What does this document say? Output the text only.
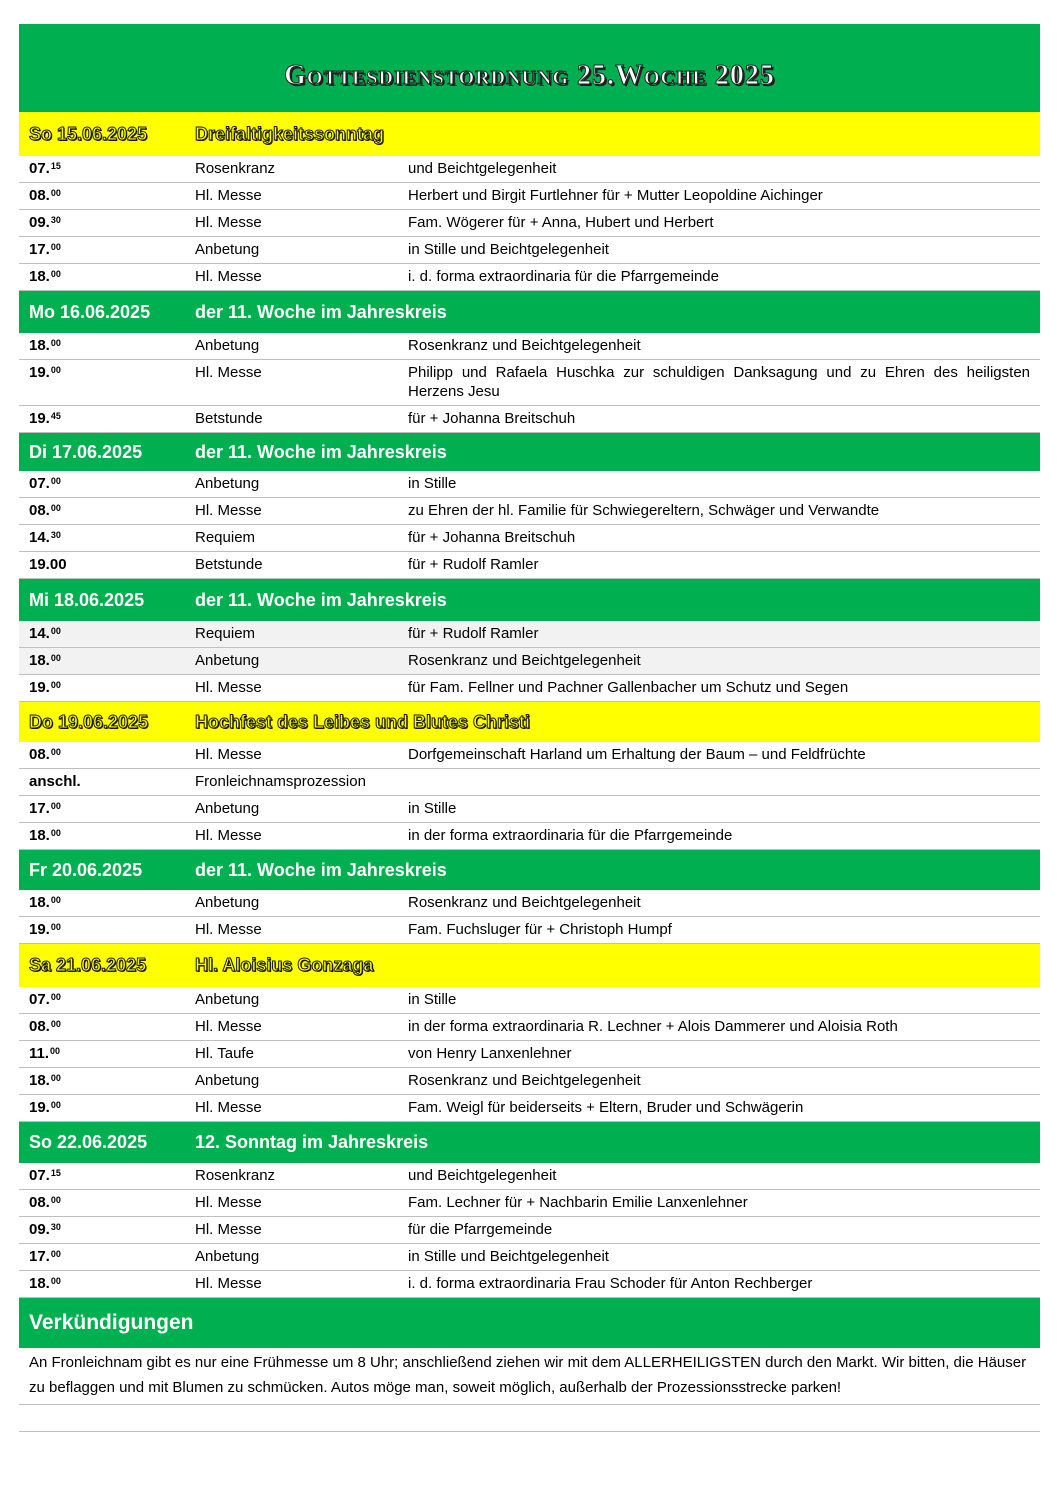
Gottesdienstordnung 25.Woche 2025
So 15.06.2025	Dreifaltigkeitssonntag
07.15	Rosenkranz	und Beichtgelegenheit
08.00	Hl. Messe	Herbert und Birgit Furtlehner für + Mutter Leopoldine Aichinger
09.30	Hl. Messe	Fam. Wögerer für + Anna, Hubert und Herbert
17.00	Anbetung	in Stille und Beichtgelegenheit
18.00	Hl. Messe	i. d. forma extraordinaria für die Pfarrgemeinde
Mo 16.06.2025	der 11. Woche im Jahreskreis
18.00	Anbetung	Rosenkranz und Beichtgelegenheit
19.00	Hl. Messe	Philipp und Rafaela Huschka zur schuldigen Danksagung und zu Ehren des heiligsten Herzens Jesu
19.45	Betstunde	für + Johanna Breitschuh
Di 17.06.2025	der 11. Woche im Jahreskreis
07.00	Anbetung	in Stille
08.00	Hl. Messe	zu Ehren der hl. Familie für Schwiegereltern, Schwäger und Verwandte
14.30	Requiem	für + Johanna Breitschuh
19.00	Betstunde	für + Rudolf Ramler
Mi 18.06.2025	der 11. Woche im Jahreskreis
14.00	Requiem	für + Rudolf Ramler
18.00	Anbetung	Rosenkranz und Beichtgelegenheit
19.00	Hl. Messe	für Fam. Fellner und Pachner Gallenbacher um Schutz und Segen
Do 19.06.2025	Hochfest des Leibes und Blutes Christi
08.00	Hl. Messe	Dorfgemeinschaft Harland um Erhaltung der Baum – und Feldfrüchte
anschl.	Fronleichnamsprozession
17.00	Anbetung	in Stille
18.00	Hl. Messe	in der forma extraordinaria für die Pfarrgemeinde
Fr 20.06.2025	der 11. Woche im Jahreskreis
18.00	Anbetung	Rosenkranz und Beichtgelegenheit
19.00	Hl. Messe	Fam. Fuchsluger für + Christoph Humpf
Sa 21.06.2025	Hl. Aloisius Gonzaga
07.00	Anbetung	in Stille
08.00	Hl. Messe	in der forma extraordinaria R. Lechner + Alois Dammerer und Aloisia Roth
11.00	Hl. Taufe	von Henry Lanxenlehner
18.00	Anbetung	Rosenkranz und Beichtgelegenheit
19.00	Hl. Messe	Fam. Weigl für beiderseits + Eltern, Bruder und Schwägerin
So 22.06.2025	12. Sonntag im Jahreskreis
07.15	Rosenkranz	und Beichtgelegenheit
08.00	Hl. Messe	Fam. Lechner für + Nachbarin Emilie Lanxenlehner
09.30	Hl. Messe	für die Pfarrgemeinde
17.00	Anbetung	in Stille und Beichtgelegenheit
18.00	Hl. Messe	i. d. forma extraordinaria Frau Schoder für Anton Rechberger
Verkündigungen
An Fronleichnam gibt es nur eine Frühmesse um 8 Uhr; anschließend ziehen wir mit dem ALLERHEILIGSTEN durch den Markt. Wir bitten, die Häuser zu beflaggen und mit Blumen zu schmücken. Autos möge man, soweit möglich, außerhalb der Prozessionsstrecke parken!
